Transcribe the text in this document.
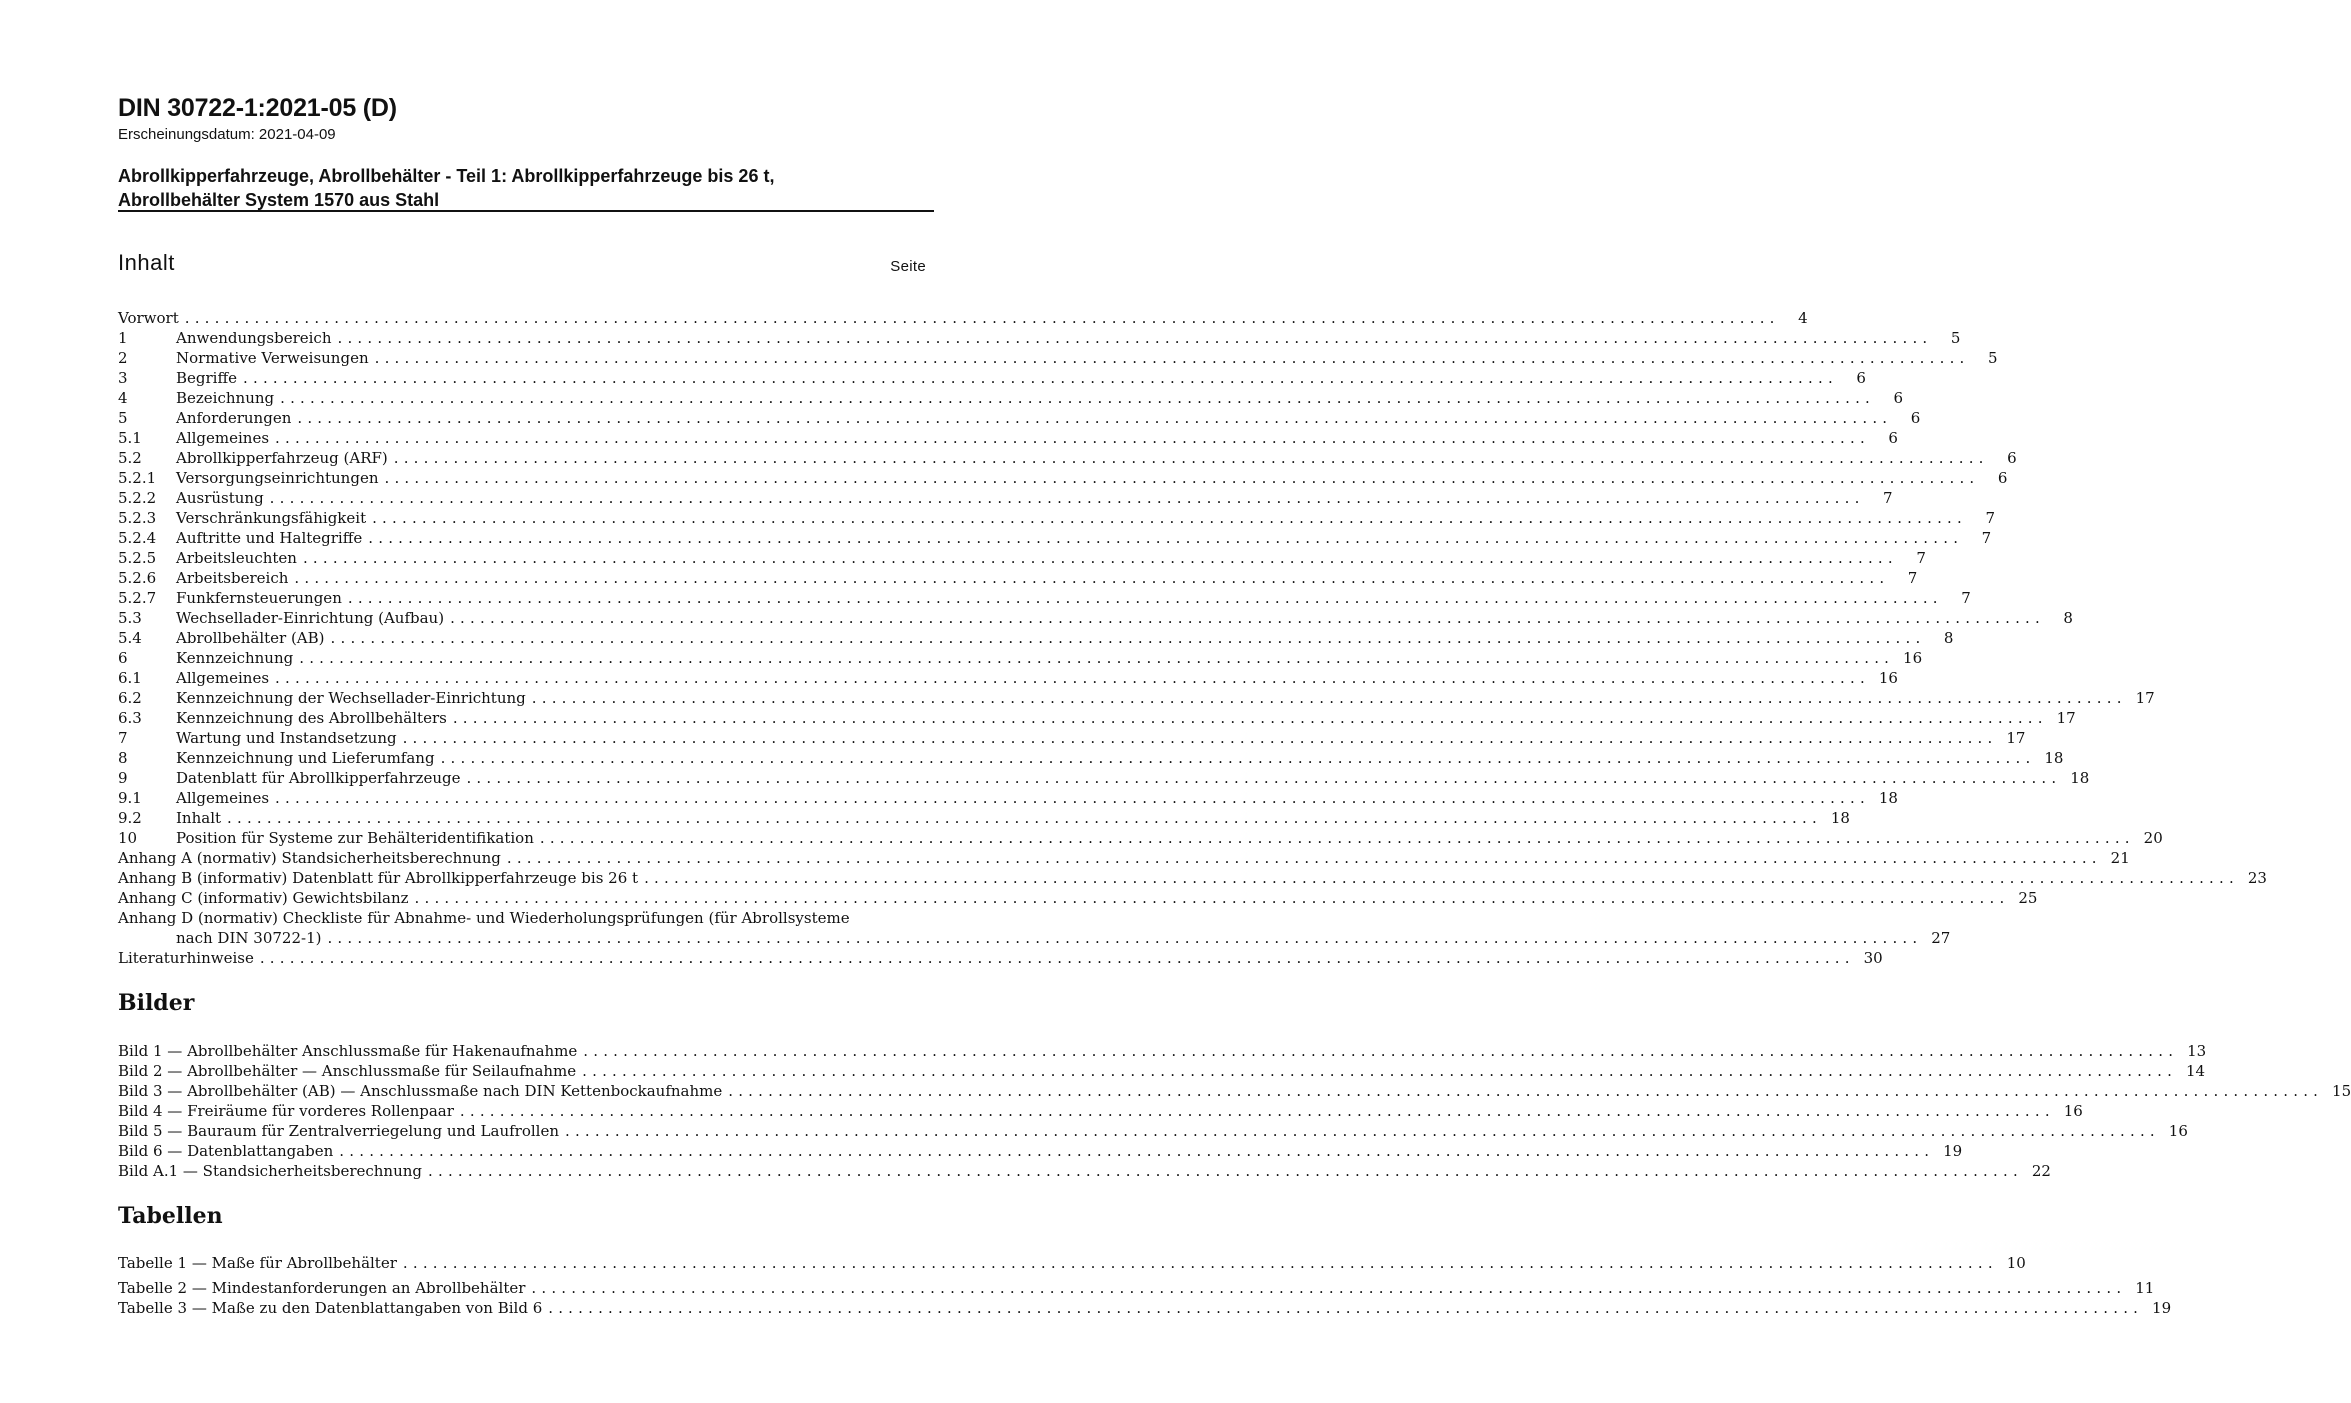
DIN 30722-1:2021-05 (D)
Erscheinungsdatum: 2021-04-09
Abrollkipperfahrzeuge, Abrollbehälter - Teil 1: Abrollkipperfahrzeuge bis 26 t,
Abrollbehälter System 1570 aus Stahl
Inhalt	Seite
Vorwort ................................................................................................................................................................	4
1	Anwendungsbereich ................................................................................................................................................................	5
2	Normative Verweisungen ................................................................................................................................................................	5
3	Begriffe ................................................................................................................................................................	6
4	Bezeichnung ................................................................................................................................................................	6
5	Anforderungen ................................................................................................................................................................	6
5.1	Allgemeines ................................................................................................................................................................	6
5.2	Abrollkipperfahrzeug (ARF) ................................................................................................................................................................	6
5.2.1	Versorgungseinrichtungen ................................................................................................................................................................	6
5.2.2	Ausrüstung ................................................................................................................................................................	7
5.2.3	Verschränkungsfähigkeit ................................................................................................................................................................	7
5.2.4	Auftritte und Haltegriffe ................................................................................................................................................................	7
5.2.5	Arbeitsleuchten ................................................................................................................................................................	7
5.2.6	Arbeitsbereich ................................................................................................................................................................	7
5.2.7	Funkfernsteuerungen ................................................................................................................................................................	7
5.3	Wechsellader-Einrichtung (Aufbau) ................................................................................................................................................................	8
5.4	Abrollbehälter (AB) ................................................................................................................................................................	8
6	Kennzeichnung ................................................................................................................................................................ 16
6.1	Allgemeines ................................................................................................................................................................ 16
6.2	Kennzeichnung der Wechsellader-Einrichtung ................................................................................................................................................................ 17
6.3	Kennzeichnung des Abrollbehälters ................................................................................................................................................................ 17
7	Wartung und Instandsetzung ................................................................................................................................................................ 17
8	Kennzeichnung und Lieferumfang ................................................................................................................................................................ 18
9	Datenblatt für Abrollkipperfahrzeuge ................................................................................................................................................................ 18
9.1	Allgemeines ................................................................................................................................................................ 18
9.2	Inhalt ................................................................................................................................................................ 18
10	Position für Systeme zur Behälteridentifikation ................................................................................................................................................................ 20
Anhang A (normativ) Standsicherheitsberechnung ................................................................................................................................................................ 21
Anhang B (informativ) Datenblatt für Abrollkipperfahrzeuge bis 26 t ................................................................................................................................................................ 23
Anhang C (informativ) Gewichtsbilanz ................................................................................................................................................................ 25
Anhang D (normativ) Checkliste für Abnahme- und Wiederholungsprüfungen (für Abrollsysteme
nach DIN 30722-1) ................................................................................................................................................................ 27
Literaturhinweise ................................................................................................................................................................ 30
Bilder
Bild 1 — Abrollbehälter Anschlussmaße für Hakenaufnahme ................................................................................................................................................................ 13
Bild 2 — Abrollbehälter — Anschlussmaße für Seilaufnahme ................................................................................................................................................................ 14
Bild 3 — Abrollbehälter (AB) — Anschlussmaße nach DIN Kettenbockaufnahme ................................................................................................................................................................ 15
Bild 4 — Freiräume für vorderes Rollenpaar ................................................................................................................................................................ 16
Bild 5 — Bauraum für Zentralverriegelung und Laufrollen ................................................................................................................................................................ 16
Bild 6 — Datenblattangaben ................................................................................................................................................................ 19
Bild A.1 — Standsicherheitsberechnung ................................................................................................................................................................ 22
Tabellen
Tabelle 1 — Maße für Abrollbehälter ................................................................................................................................................................ 10
Tabelle 2 — Mindestanforderungen an Abrollbehälter ................................................................................................................................................................ 11
Tabelle 3 — Maße zu den Datenblattangaben von Bild 6 ................................................................................................................................................................ 19
